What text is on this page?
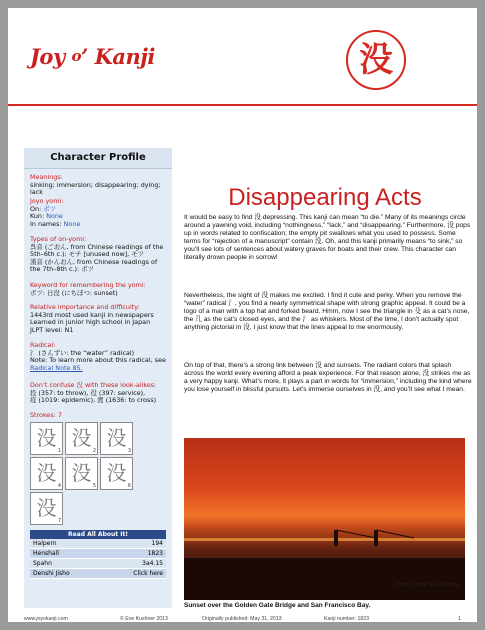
Joy o’ Kanji	没
Character Profile
Meanings:
sinking; immersion; disappearing; dying; lack
Joyo yomi:
On: ボツ
Kun: None
In names: None
Types of on-yomi:
呉音 (ごおん, from Chinese readings of the 5th–6th c.): モチ [unused now], モツ
漢音 (かんおん, from Chinese readings of the 7th–8th c.): ボツ
Keyword for remembering the yomi:
ボツ: 日没 (にちぼつ: sunset)
Relative importance and difficulty:
1443rd most used kanji in newspapers
Learned in junior high school in Japan
JLPT level: N1
Radical:
氵 (さんずい: the “water” radical)
Note: To learn more about this radical, see
Radical Note 85.
Don’t confuse 没 with these look-alikes:
投 (357: to throw), 役 (397: service),
疫 (1019: epidemic), 渡 (1636: to cross)
Strokes: 7
没
1
没
2
没
3
没
4
没
5
没
6
没
7
Read All About It!
Halpern	194
Henshall	1823
Spahn	3a4.15
Denshi Jisho	Click here
Disappearing Acts
It would be easy to find 没 depressing. This kanji can mean “to die.” Many of its meanings circle around a yawning void, including “nothingness,” “lack,” and “disappearing.” Furthermore, 没 pops up in words related to confiscation; the empty pit swallows what you used to possess. Some terms for “rejection of a manuscript” contain 没. Oh, and this kanji primarily means “to sink,” so you’ll see lots of sentences about watery graves for boats and their crew. This character can literally drown people in sorrow!
Nevertheless, the sight of 没 makes me excited. I find it cute and perky. When you remove the “water” radical 氵, you find a nearly symmetrical shape with strong graphic appeal. It could be a logo of a man with a top hat and forked beard. Hmm, now I see the triangle in 殳 as a cat’s nose, the 几 as the cat’s closed eyes, and the 氵 as whiskers. Most of the time, I don’t actually spot anything pictorial in 没. I just know that the lines appeal to me enormously.
On top of that, there’s a strong link between 没 and sunsets. The radiant colors that splash across the world every evening afford a peak experience. For that reason alone, 没 strikes me as a very happy kanji. What’s more, it plays a part in words for “immersion,” including the kind where you lose yourself in blissful pursuits. Let’s immerse ourselves in 没, and you’ll see what I mean.
Photo Credit: Eve Kushner
Sunset over the Golden Gate Bridge and San Francisco Bay.
www.joyokanji.com	© Eve Kushner 2013	Originally published: May 31, 2013	Kanji number: 1823	1
